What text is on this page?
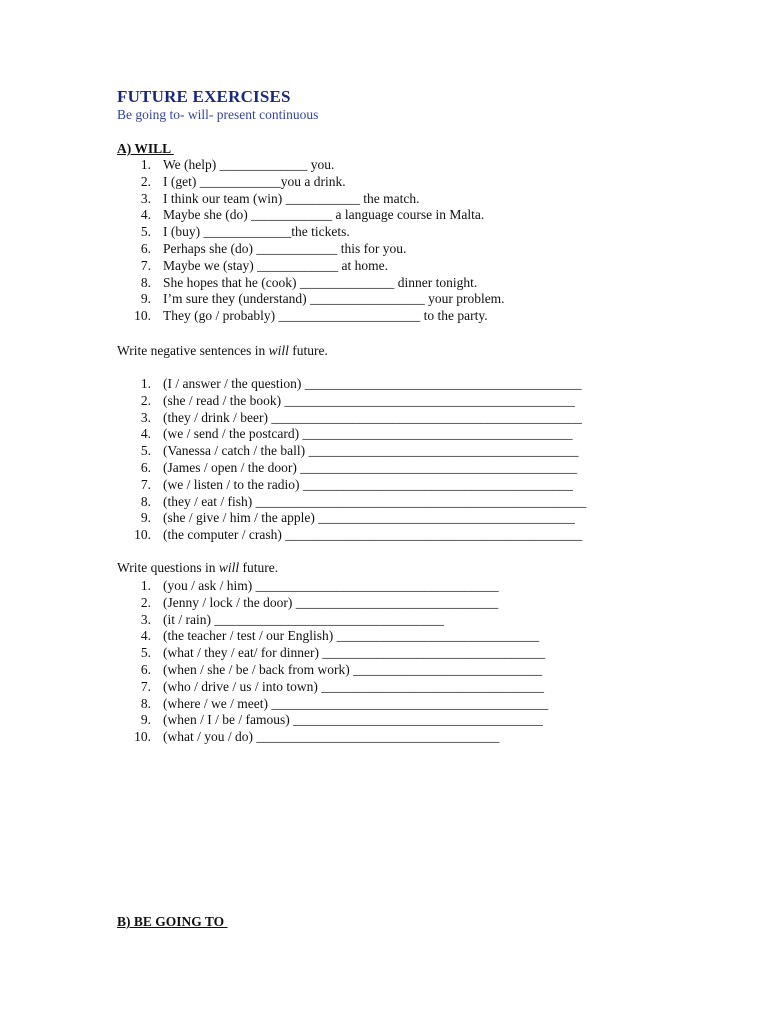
FUTURE EXERCISES
Be going to- will- present continuous
A) WILL
1. We (help) _____________ you.
2. I (get) ____________you a drink.
3. I think our team (win) ___________ the match.
4. Maybe she (do) ____________ a language course in Malta.
5. I (buy) _____________the tickets.
6. Perhaps she (do) ____________ this for you.
7. Maybe we (stay) ____________ at home.
8. She hopes that he (cook) ______________ dinner tonight.
9. I’m sure they (understand) _________________ your problem.
10. They (go / probably) _____________________ to the party.
Write negative sentences in will future.
1. (I / answer / the question) _________________________________________
2. (she / read / the book) ___________________________________________
3. (they / drink / beer) ______________________________________________
4. (we / send / the postcard) ________________________________________
5. (Vanessa / catch / the ball) ________________________________________
6. (James / open / the door) _________________________________________
7. (we / listen / to the radio) ________________________________________
8. (they / eat / fish) _________________________________________________
9. (she / give / him / the apple) ______________________________________
10. (the computer / crash) ____________________________________________
Write questions in will future.
1. (you / ask / him) ____________________________________
2. (Jenny / lock / the door) ______________________________
3. (it / rain) __________________________________
4. (the teacher / test / our English) ______________________________
5. (what / they / eat/ for dinner) _________________________________
6. (when / she / be / back from work) ____________________________
7. (who / drive / us / into town) _________________________________
8. (where / we / meet) _________________________________________
9. (when / I / be / famous) _____________________________________
10. (what / you / do) ____________________________________
B) BE GOING TO
